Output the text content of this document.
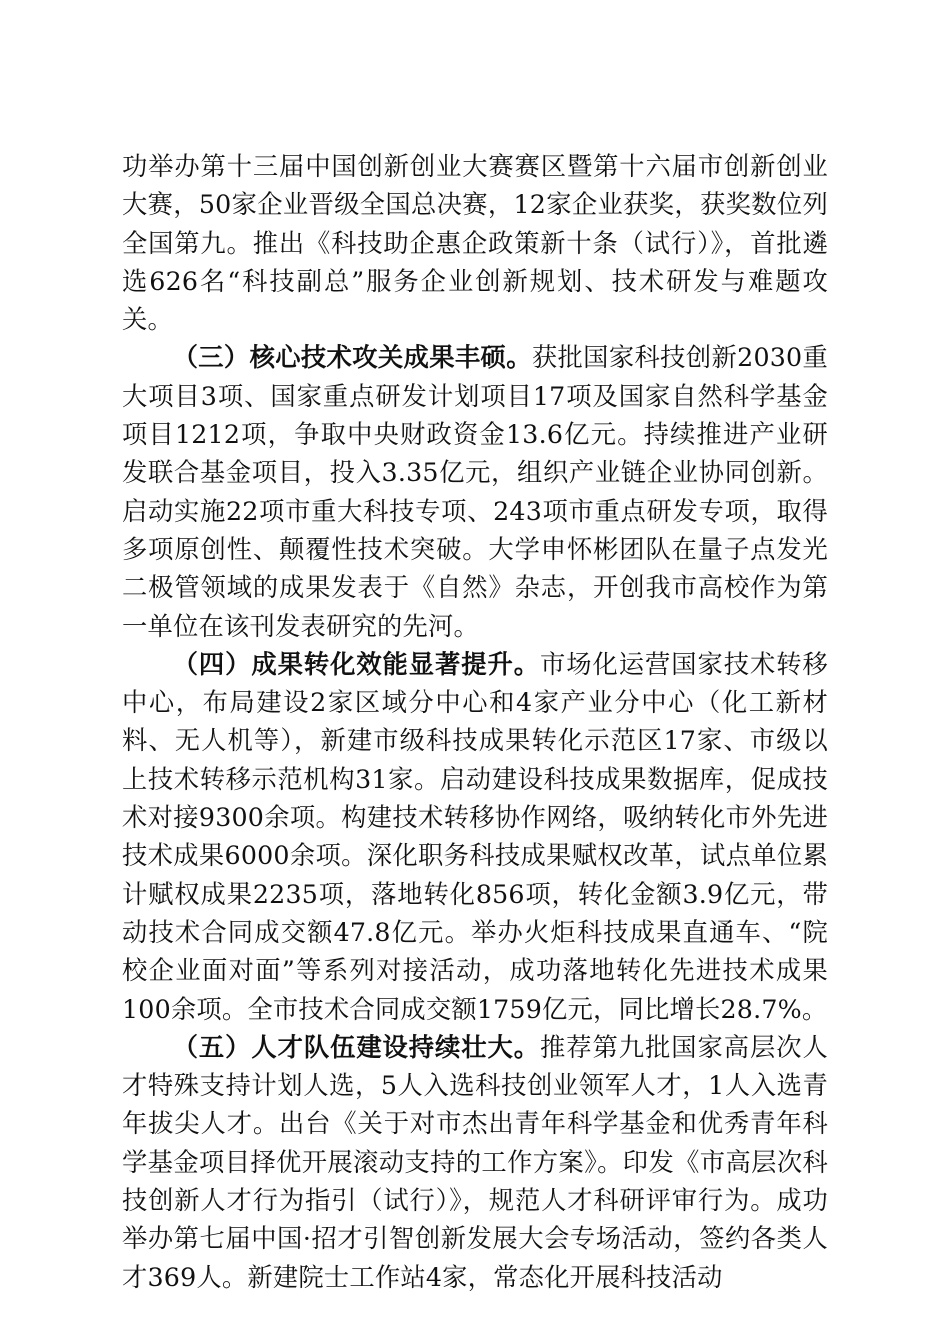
功举办第十三届中国创新创业大赛赛区暨第十六届市创新创业大赛，50家企业晋级全国总决赛，12家企业获奖，获奖数位列全国第九。推出《科技助企惠企政策新十条（试行）》，首批遴选626名“科技副总”服务企业创新规划、技术研发与难题攻关。

（三）核心技术攻关成果丰硕。获批国家科技创新2030重大项目3项、国家重点研发计划项目17项及国家自然科学基金项目1212项，争取中央财政资金13.6亿元。持续推进产业研发联合基金项目，投入3.35亿元，组织产业链企业协同创新。启动实施22项市重大科技专项、243项市重点研发专项，取得多项原创性、颠覆性技术突破。大学申怀彬团队在量子点发光二极管领域的成果发表于《自然》杂志，开创我市高校作为第一单位在该刊发表研究的先河。

（四）成果转化效能显著提升。市场化运营国家技术转移中心，布局建设2家区域分中心和4家产业分中心（化工新材料、无人机等），新建市级科技成果转化示范区17家、市级以上技术转移示范机构31家。启动建设科技成果数据库，促成技术对接9300余项。构建技术转移协作网络，吸纳转化市外先进技术成果6000余项。深化职务科技成果赋权改革，试点单位累计赋权成果2235项，落地转化856项，转化金额3.9亿元，带动技术合同成交额47.8亿元。举办火炬科技成果直通车、“院校企业面对面”等系列对接活动，成功落地转化先进技术成果100余项。全市技术合同成交额1759亿元，同比增长28.7%。

（五）人才队伍建设持续壮大。推荐第九批国家高层次人才特殊支持计划人选，5人入选科技创业领军人才，1人入选青年拔尖人才。出台《关于对市杰出青年科学基金和优秀青年科学基金项目择优开展滚动支持的工作方案》。印发《市高层次科技创新人才行为指引（试行）》，规范人才科研评审行为。成功举办第七届中国·招才引智创新发展大会专场活动，签约各类人才369人。新建院士工作站4家，常态化开展科技活动
